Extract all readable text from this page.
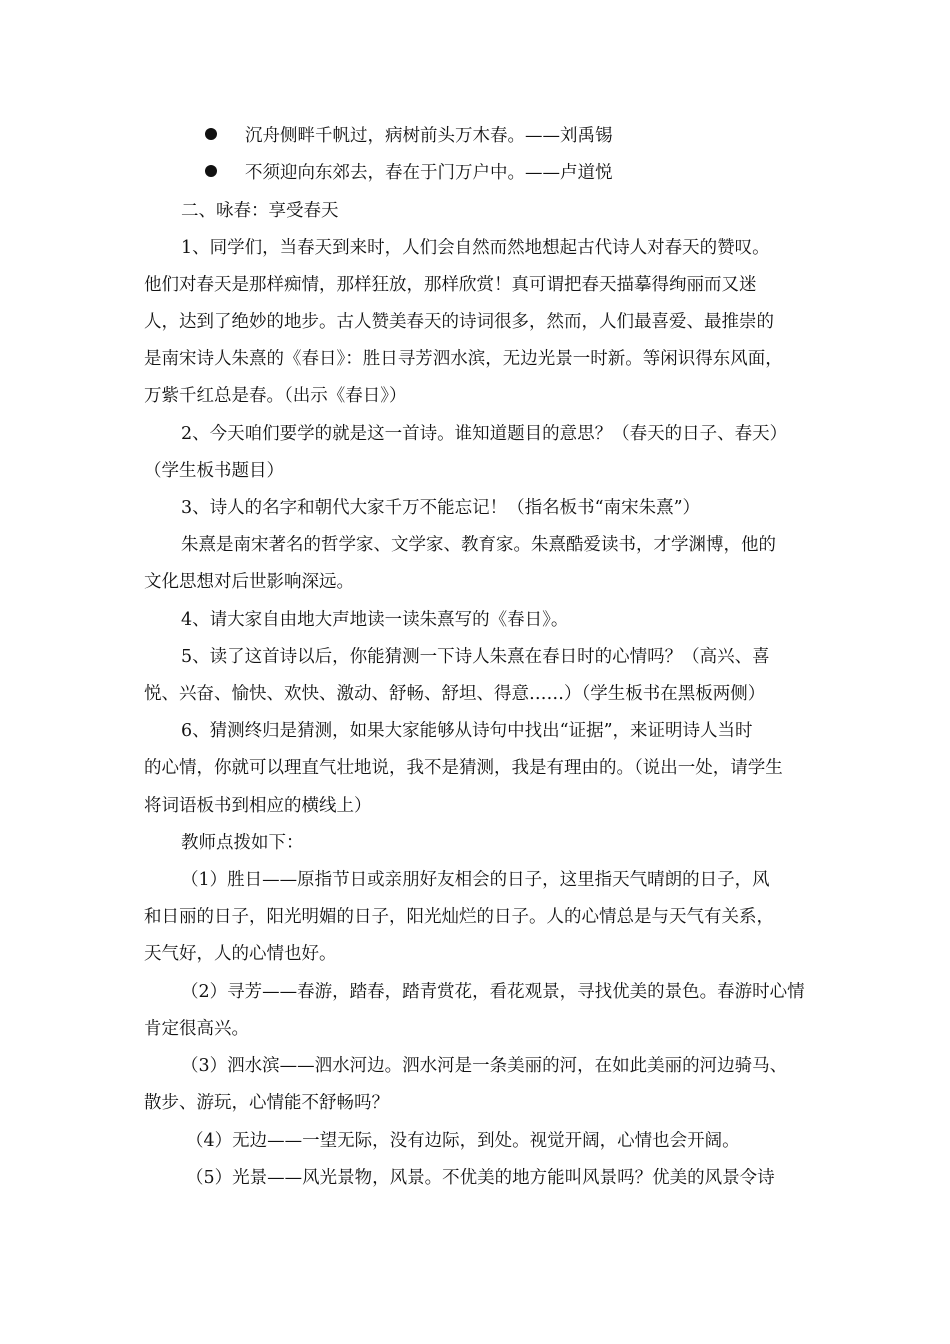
沉舟侧畔千帆过，病树前头万木春。——刘禹锡
不须迎向东郊去，春在于门万户中。——卢道悦
二、咏春：享受春天
1、同学们，当春天到来时，人们会自然而然地想起古代诗人对春天的赞叹。
他们对春天是那样痴情，那样狂放，那样欣赏！真可谓把春天描摹得绚丽而又迷
人，达到了绝妙的地步。古人赞美春天的诗词很多，然而，人们最喜爱、最推崇的
是南宋诗人朱熹的《春日》：胜日寻芳泗水滨，无边光景一时新。等闲识得东风面，
万紫千红总是春。（出示《春日》）
2、今天咱们要学的就是这一首诗。谁知道题目的意思？（春天的日子、春天）
（学生板书题目）
3、诗人的名字和朝代大家千万不能忘记！（指名板书“南宋朱熹”）
朱熹是南宋著名的哲学家、文学家、教育家。朱熹酷爱读书，才学渊博，他的
文化思想对后世影响深远。
4、请大家自由地大声地读一读朱熹写的《春日》。
5、读了这首诗以后，你能猜测一下诗人朱熹在春日时的心情吗？（高兴、喜
悦、兴奋、愉快、欢快、激动、舒畅、舒坦、得意……）（学生板书在黑板两侧）
6、猜测终归是猜测，如果大家能够从诗句中找出“证据”，来证明诗人当时
的心情，你就可以理直气壮地说，我不是猜测，我是有理由的。（说出一处，请学生
将词语板书到相应的横线上）
教师点拨如下：
（1）胜日——原指节日或亲朋好友相会的日子，这里指天气晴朗的日子，风
和日丽的日子，阳光明媚的日子，阳光灿烂的日子。人的心情总是与天气有关系，
天气好，人的心情也好。
（2）寻芳——春游，踏春，踏青赏花，看花观景，寻找优美的景色。春游时心情
肯定很高兴。
（3）泗水滨——泗水河边。泗水河是一条美丽的河，在如此美丽的河边骑马、
散步、游玩，心情能不舒畅吗？
（4）无边——一望无际，没有边际，到处。视觉开阔，心情也会开阔。
（5）光景——风光景物，风景。不优美的地方能叫风景吗？优美的风景令诗
